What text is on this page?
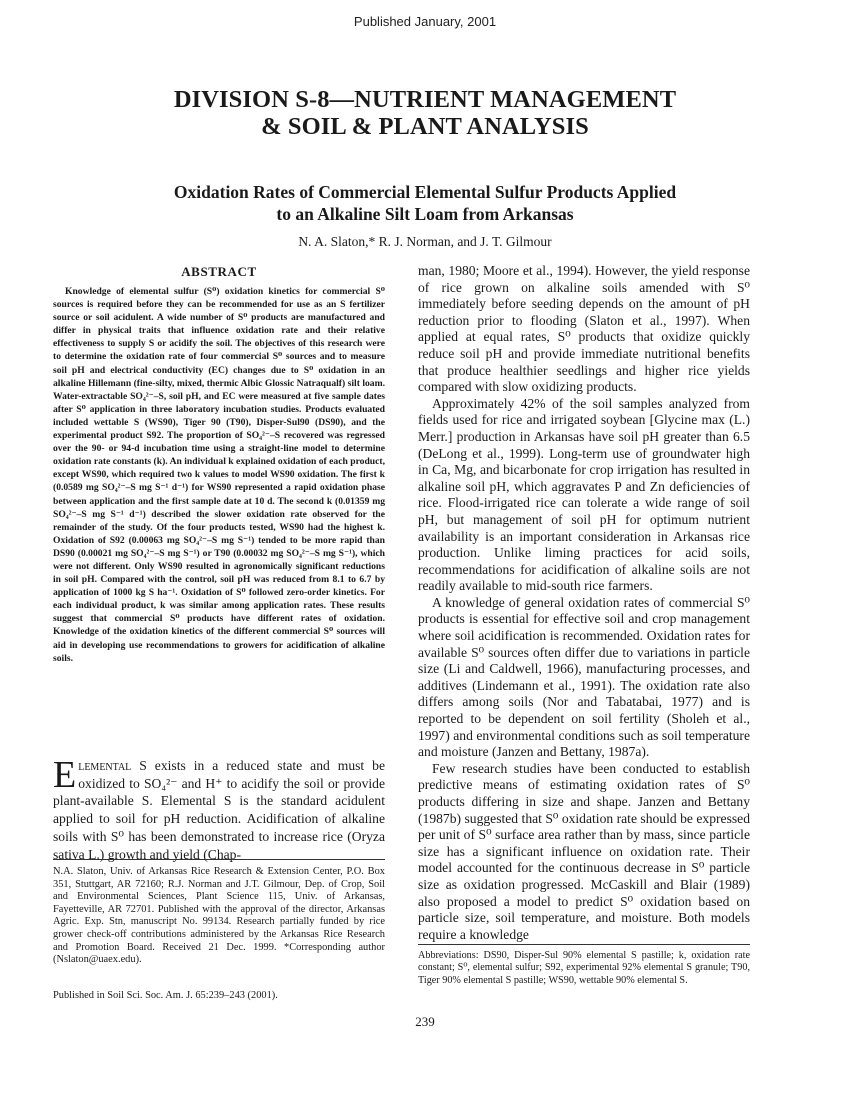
Published January, 2001
DIVISION S-8—NUTRIENT MANAGEMENT
& SOIL & PLANT ANALYSIS
Oxidation Rates of Commercial Elemental Sulfur Products Applied
to an Alkaline Silt Loam from Arkansas
N. A. Slaton,* R. J. Norman, and J. T. Gilmour
ABSTRACT

Knowledge of elemental sulfur (S⁰) oxidation kinetics for commercial S⁰ sources is required before they can be recommended for use as an S fertilizer source or soil acidulent. A wide number of S⁰ products are manufactured and differ in physical traits that influence oxidation rate and their relative effectiveness to supply S or acidify the soil. The objectives of this research were to determine the oxidation rate of four commercial S⁰ sources and to measure soil pH and electrical conductivity (EC) changes due to S⁰ oxidation in an alkaline Hillemann (fine-silty, mixed, thermic Albic Glossic Natraqualf) silt loam. Water-extractable SO₄²⁻–S, soil pH, and EC were measured at five sample dates after S⁰ application in three laboratory incubation studies. Products evaluated included wettable S (WS90), Tiger 90 (T90), Disper-Sul90 (DS90), and the experimental product S92. The proportion of SO₄²⁻–S recovered was regressed over the 90- or 94-d incubation time using a straight-line model to determine oxidation rate constants (k). An individual k explained oxidation of each product, except WS90, which required two k values to model WS90 oxidation. The first k (0.0589 mg SO₄²⁻–S mg S⁻¹ d⁻¹) for WS90 represented a rapid oxidation phase between application and the first sample date at 10 d. The second k (0.01359 mg SO₄²⁻–S mg S⁻¹ d⁻¹) described the slower oxidation rate observed for the remainder of the study. Of the four products tested, WS90 had the highest k. Oxidation of S92 (0.00063 mg SO₄²⁻–S mg S⁻¹) tended to be more rapid than DS90 (0.00021 mg SO₄²⁻–S mg S⁻¹) or T90 (0.00032 mg SO₄²⁻–S mg S⁻¹), which were not different. Only WS90 resulted in agronomically significant reductions in soil pH. Compared with the control, soil pH was reduced from 8.1 to 6.7 by application of 1000 kg S ha⁻¹. Oxidation of S⁰ followed zero-order kinetics. For each individual product, k was similar among application rates. These results suggest that commercial S⁰ products have different rates of oxidation. Knowledge of the oxidation kinetics of the different commercial S⁰ sources will aid in developing use recommendations to growers for acidification of alkaline soils.

Elemental S exists in a reduced state and must be oxidized to SO₄²⁻ and H⁺ to acidify the soil or provide plant-available S. Elemental S is the standard acidulent applied to soil for pH reduction. Acidification of alkaline soils with S⁰ has been demonstrated to increase rice (Oryza sativa L.) growth and yield (Chap-

N.A. Slaton, Univ. of Arkansas Rice Research & Extension Center, P.O. Box 351, Stuttgart, AR 72160; R.J. Norman and J.T. Gilmour, Dep. of Crop, Soil and Environmental Sciences, Plant Science 115, Univ. of Arkansas, Fayetteville, AR 72701. Published with the approval of the director, Arkansas Agric. Exp. Stn, manuscript No. 99134. Research partially funded by rice grower check-off contributions administered by the Arkansas Rice Research and Promotion Board. Received 21 Dec. 1999. *Corresponding author (Nslaton@uaex.edu).

Published in Soil Sci. Soc. Am. J. 65:239–243 (2001).

man, 1980; Moore et al., 1994). However, the yield response of rice grown on alkaline soils amended with S⁰ immediately before seeding depends on the amount of pH reduction prior to flooding (Slaton et al., 1997). When applied at equal rates, S⁰ products that oxidize quickly reduce soil pH and provide immediate nutritional benefits that produce healthier seedlings and higher rice yields compared with slow oxidizing products.

Approximately 42% of the soil samples analyzed from fields used for rice and irrigated soybean [Glycine max (L.) Merr.] production in Arkansas have soil pH greater than 6.5 (DeLong et al., 1999). Long-term use of groundwater high in Ca, Mg, and bicarbonate for crop irrigation has resulted in alkaline soil pH, which aggravates P and Zn deficiencies of rice. Flood-irrigated rice can tolerate a wide range of soil pH, but management of soil pH for optimum nutrient availability is an important consideration in Arkansas rice production. Unlike liming practices for acid soils, recommendations for acidification of alkaline soils are not readily available to mid-south rice farmers.

A knowledge of general oxidation rates of commercial S⁰ products is essential for effective soil and crop management where soil acidification is recommended. Oxidation rates for available S⁰ sources often differ due to variations in particle size (Li and Caldwell, 1966), manufacturing processes, and additives (Lindemann et al., 1991). The oxidation rate also differs among soils (Nor and Tabatabai, 1977) and is reported to be dependent on soil fertility (Sholeh et al., 1997) and environmental conditions such as soil temperature and moisture (Janzen and Bettany, 1987a).

Few research studies have been conducted to establish predictive means of estimating oxidation rates of S⁰ products differing in size and shape. Janzen and Bettany (1987b) suggested that S⁰ oxidation rate should be expressed per unit of S⁰ surface area rather than by mass, since particle size has a significant influence on oxidation rate. Their model accounted for the continuous decrease in S⁰ particle size as oxidation progressed. McCaskill and Blair (1989) also proposed a model to predict S⁰ oxidation based on particle size, soil temperature, and moisture. Both models require a knowledge

Abbreviations: DS90, Disper-Sul 90% elemental S pastille; k, oxidation rate constant; S⁰, elemental sulfur; S92, experimental 92% elemental S granule; T90, Tiger 90% elemental S pastille; WS90, wettable 90% elemental S.

239
